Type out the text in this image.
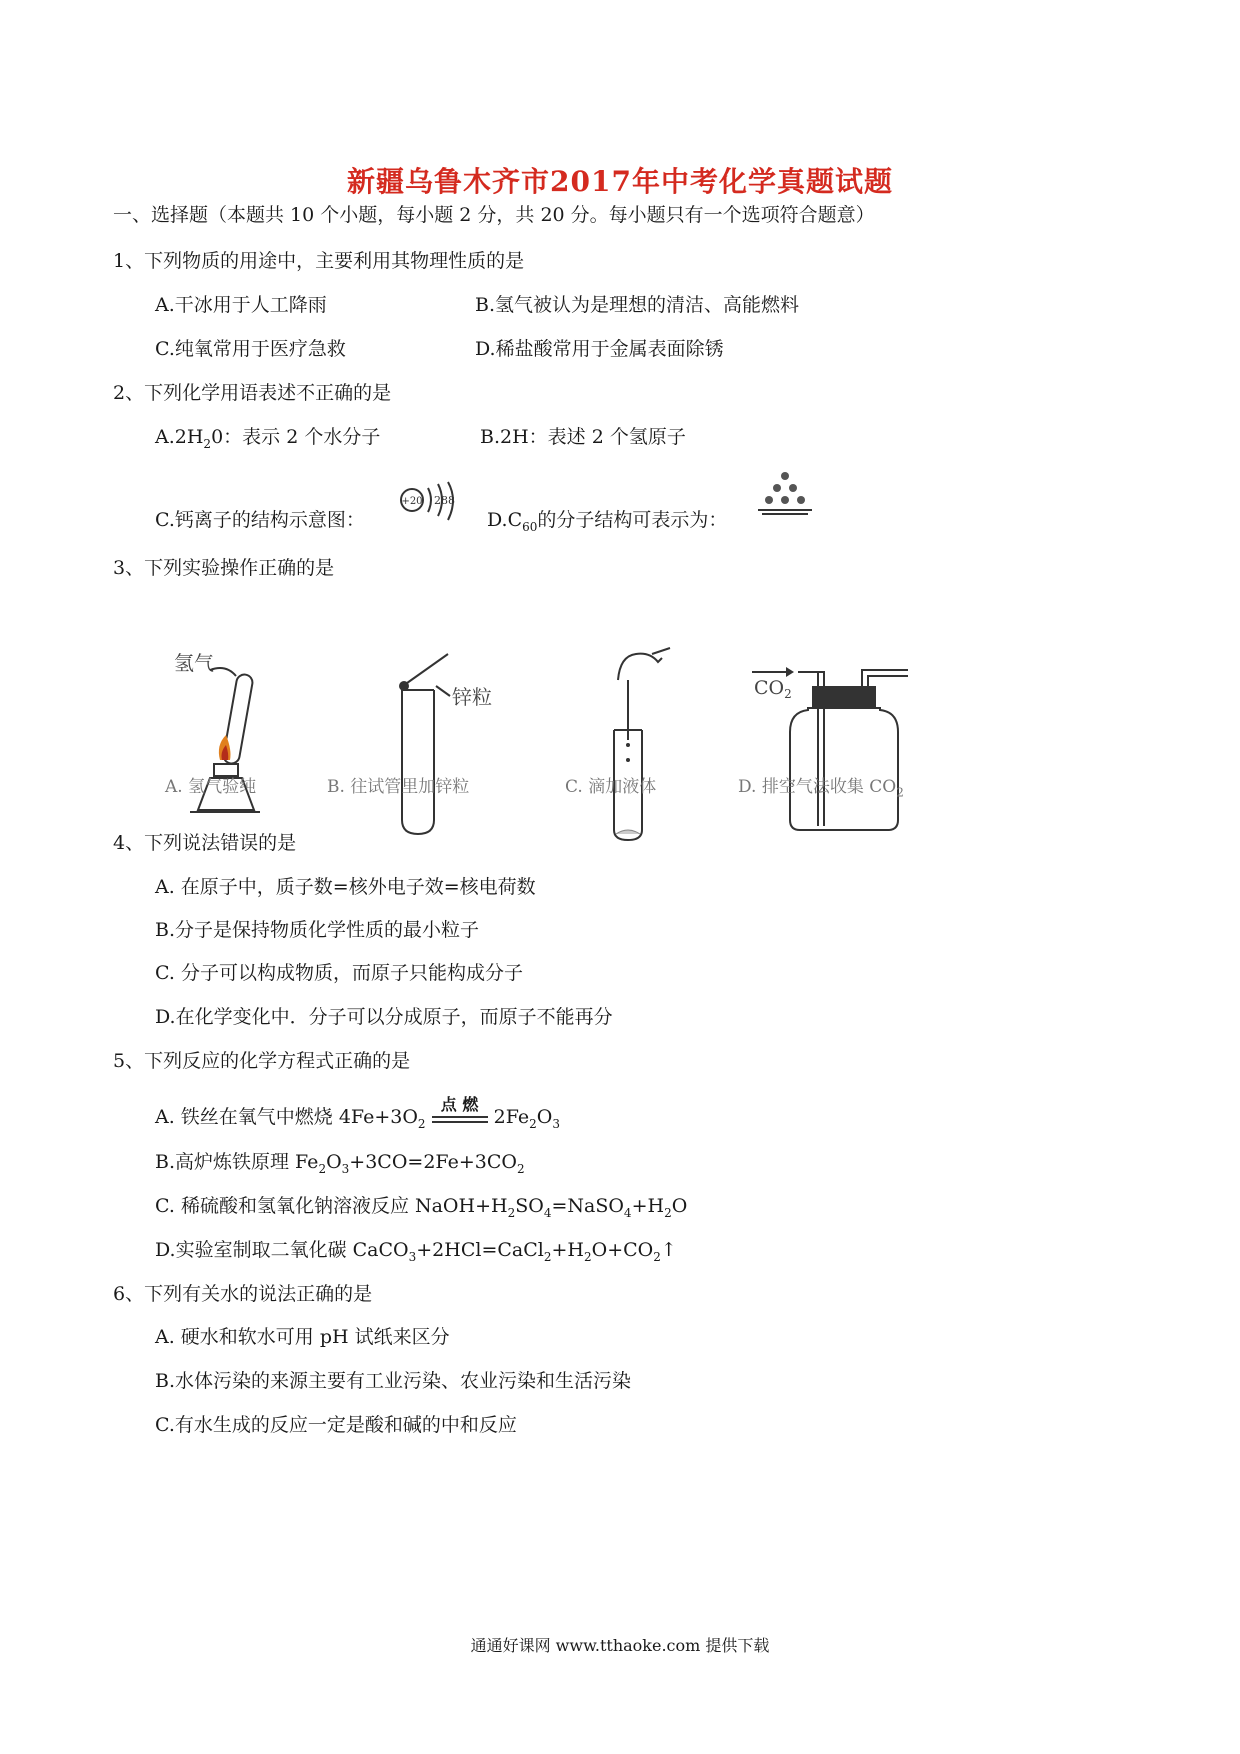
新疆乌鲁木齐市2017年中考化学真题试题
一、选择题（本题共 10 个小题，每小题 2 分，共 20 分。每小题只有一个选项符合题意）
1、下列物质的用途中，主要利用其物理性质的是
A.干冰用于人工降雨	B.氢气被认为是理想的清洁、高能燃料
C.纯氧常用于医疗急救	D.稀盐酸常用于金属表面除锈
2、下列化学用语表述不正确的是
$A.2H_20$：表示 2 个水分子	B.2H：表述 2 个氢原子
C.钙离子的结构示意图：
+20 288
$D.C_{60}$的分子结构可表示为：
3、下列实验操作正确的是
氢气
锌粒	$CO_2$
A. 氢气验纯	B. 往试管里加锌粒	C. 滴加液体	D. 排空气法收集 $CO_2$
4、下列说法错误的是
A. 在原子中，质子数=核外电子效=核电荷数
B.分子是保持物质化学性质的最小粒子
C. 分子可以构成物质，而原子只能构成分子
D.在化学变化中．分子可以分成原子，而原子不能再分
5、下列反应的化学方程式正确的是
A. 铁丝在氧气中燃烧 $4Fe+3O_2$
点 燃
$2Fe_2O_3$
B.高炉炼铁原理 $Fe_2O_3+3CO=2Fe+3CO_2$
C. 稀硫酸和氢氧化钠溶液反应 $NaOH+H_2SO_4=NaSO_4+H_2O$
D.实验室制取二氧化碳 $CaCO_3+2HCl=CaCl_2+H_2O+CO_2↑$
6、下列有关水的说法正确的是
A. 硬水和软水可用 pH 试纸来区分
B.水体污染的来源主要有工业污染、农业污染和生活污染
C.有水生成的反应一定是酸和碱的中和反应
通通好课网 www.tthaoke.com 提供下载
